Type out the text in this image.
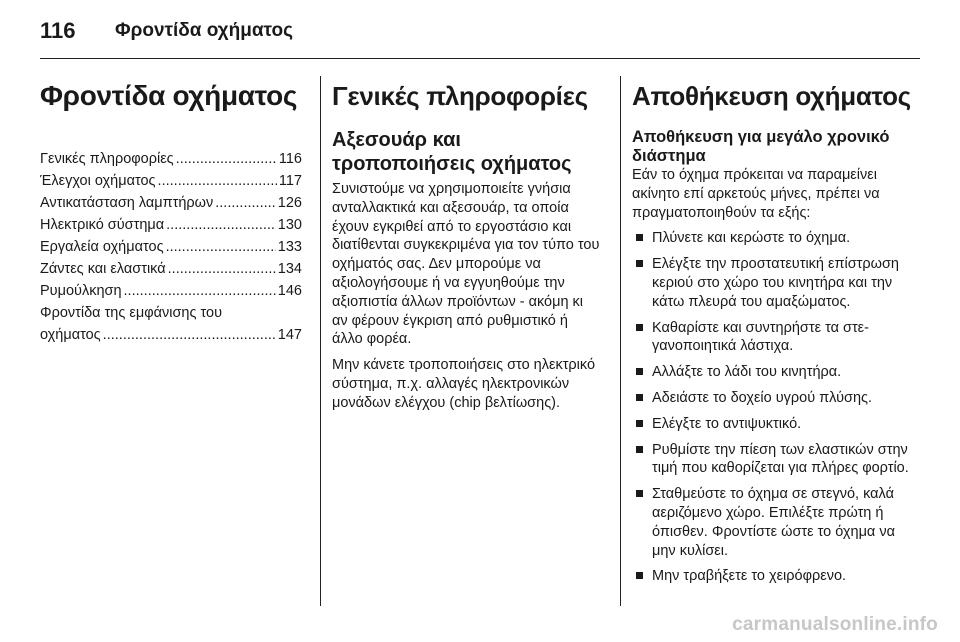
116 Φροντίδα οχήματος
Φροντίδα οχήματος
Γενικές πληροφορίες .....	116
Έλεγχοι οχήματος .....	117
Αντικατάσταση λαμπτήρων .....	126
Ηλεκτρικό σύστημα .....	130
Εργαλεία οχήματος .....	133
Ζάντες και ελαστικά .....	134
Ρυμούλκηση .....	146
Φροντίδα της εμφάνισης του
οχήματος .....	147
Γενικές πληροφορίες
Αξεσουάρ και τροποποιήσεις οχήματος

Συνιστούμε να χρησιμοποιείτε γνήσια ανταλλακτικά και αξεσουάρ, τα οποία έχουν εγκριθεί από το εργοστάσιο και διατίθενται συγκεκριμένα για τον τύπο του οχήματός σας. Δεν μπορούμε να αξιολογήσουμε ή να εγγυηθούμε την αξιοπιστία άλλων προϊόντων - ακόμη κι αν φέρουν έγκριση από ρυθμιστικό ή άλλο φορέα.

Μην κάνετε τροποποιήσεις στο ηλεκτρικό σύστημα, π.χ. αλλαγές ηλεκτρονικών μονάδων ελέγχου (chip βελτίωσης).

Αποθήκευση οχήματος
Αποθήκευση για μεγάλο χρονικό διάστημα

Εάν το όχημα πρόκειται να παραμείνει ακίνητο επί αρκετούς μήνες, πρέπει να πραγματοποιηθούν τα εξής:

Πλύνετε και κερώστε το όχημα.
Ελέγξτε την προστατευτική επίστρωση κεριού στο χώρο του κινητήρα και την κάτω πλευρά του αμαξώματος.
Καθαρίστε και συντηρήστε τα στεγανοποιητικά λάστιχα.
Αλλάξτε το λάδι του κινητήρα.
Αδειάστε το δοχείο υγρού πλύσης.
Ελέγξτε το αντιψυκτικό.
Ρυθμίστε την πίεση των ελαστικών στην τιμή που καθορίζεται για πλήρες φορτίο.
Σταθμεύστε το όχημα σε στεγνό, καλά αεριζόμενο χώρο. Επιλέξτε πρώτη ή όπισθεν. Φροντίστε ώστε το όχημα να μην κυλίσει.
Μην τραβήξετε το χειρόφρενο.
carmanualsonline.info
